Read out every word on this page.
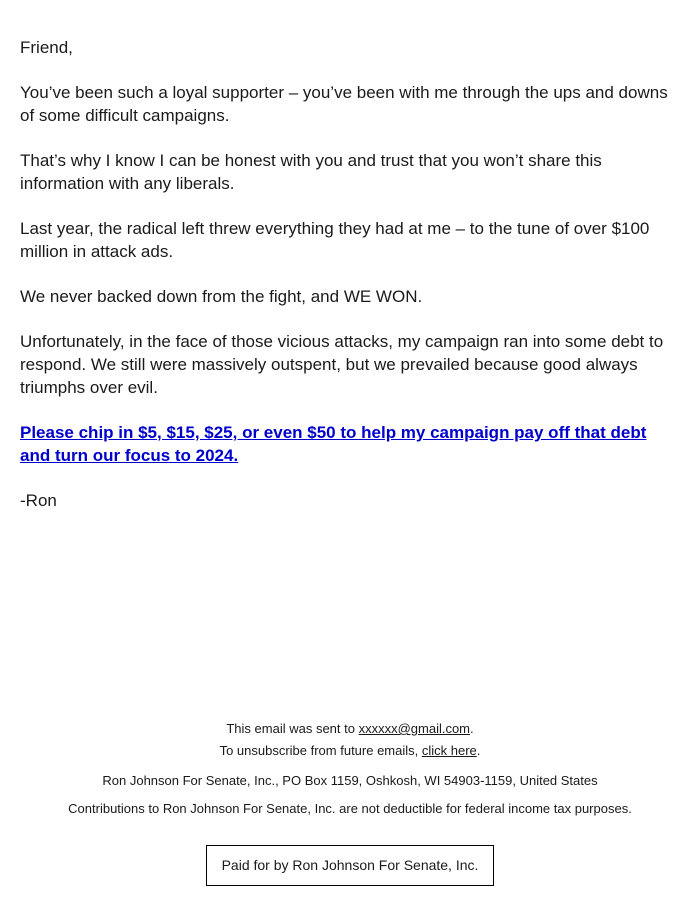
Friend,

You’ve been such a loyal supporter – you’ve been with me through the ups and downs of some difficult campaigns.

That’s why I know I can be honest with you and trust that you won’t share this information with any liberals.

Last year, the radical left threw everything they had at me – to the tune of over $100 million in attack ads.

We never backed down from the fight, and WE WON.

Unfortunately, in the face of those vicious attacks, my campaign ran into some debt to respond. We still were massively outspent, but we prevailed because good always triumphs over evil.

Please chip in $5, $15, $25, or even $50 to help my campaign pay off that debt and turn our focus to 2024.

-Ron

This email was sent to xxxxxx@gmail.com.

To unsubscribe from future emails, click here.

Ron Johnson For Senate, Inc., PO Box 1159, Oshkosh, WI 54903-1159, United States

Contributions to Ron Johnson For Senate, Inc. are not deductible for federal income tax purposes.

Paid for by Ron Johnson For Senate, Inc.
